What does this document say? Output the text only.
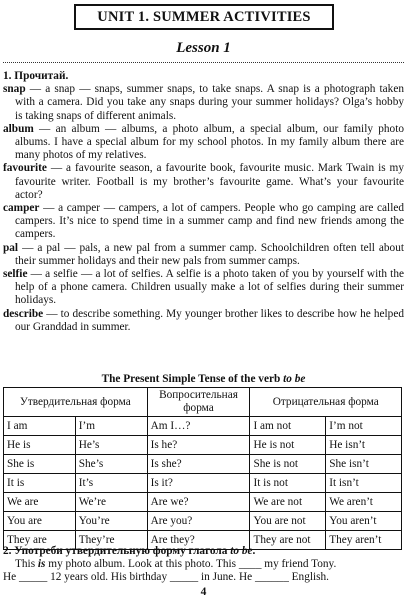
UNIT 1. SUMMER ACTIVITIES
Lesson 1
1. Прочитай.
snap — a snap — snaps, summer snaps, to take snaps. A snap is a photograph taken with a camera. Did you take any snaps during your summer holidays? Olga’s hobby is taking snaps of different animals.
album — an album — albums, a photo album, a special album, our family photo albums. I have a special album for my school photos. In my family album there are many photos of my relatives.
favourite — a favourite season, a favourite book, favourite music. Mark Twain is my favourite writer. Football is my brother’s favourite game. What’s your favourite actor?
camper — a camper — campers, a lot of campers. People who go camping are called campers. It’s nice to spend time in a summer camp and find new friends among the campers.
pal — a pal — pals, a new pal from a summer camp. Schoolchildren often tell about their summer holidays and their new pals from summer camps.
selfie — a selfie — a lot of selfies. A selfie is a photo taken of you by yourself with the help of a phone camera. Children usually make a lot of selfies during their summer holidays.
describe — to describe something. My younger brother likes to describe how he helped our Granddad in summer.
The Present Simple Tense of the verb to be
Утвердительная форма		Вопросительная форма	Отрицательная форма	
I am	I’m	Am I…?	I am not	I’m not
He is	He’s	Is he?	He is not	He isn’t
She is	She’s	Is she?	She is not	She isn’t
It is	It’s	Is it?	It is not	It isn’t
We are	We’re	Are we?	We are not	We aren’t
You are	You’re	Are you?	You are not	You aren’t
They are	They’re	Are they?	They are not	They aren’t
2. Употреби утвердительную форму глагола to be.
This is my photo album. Look at this photo. This ____ my friend Tony.
He _____ 12 years old. His birthday _____ in June. He ______ English.
4
